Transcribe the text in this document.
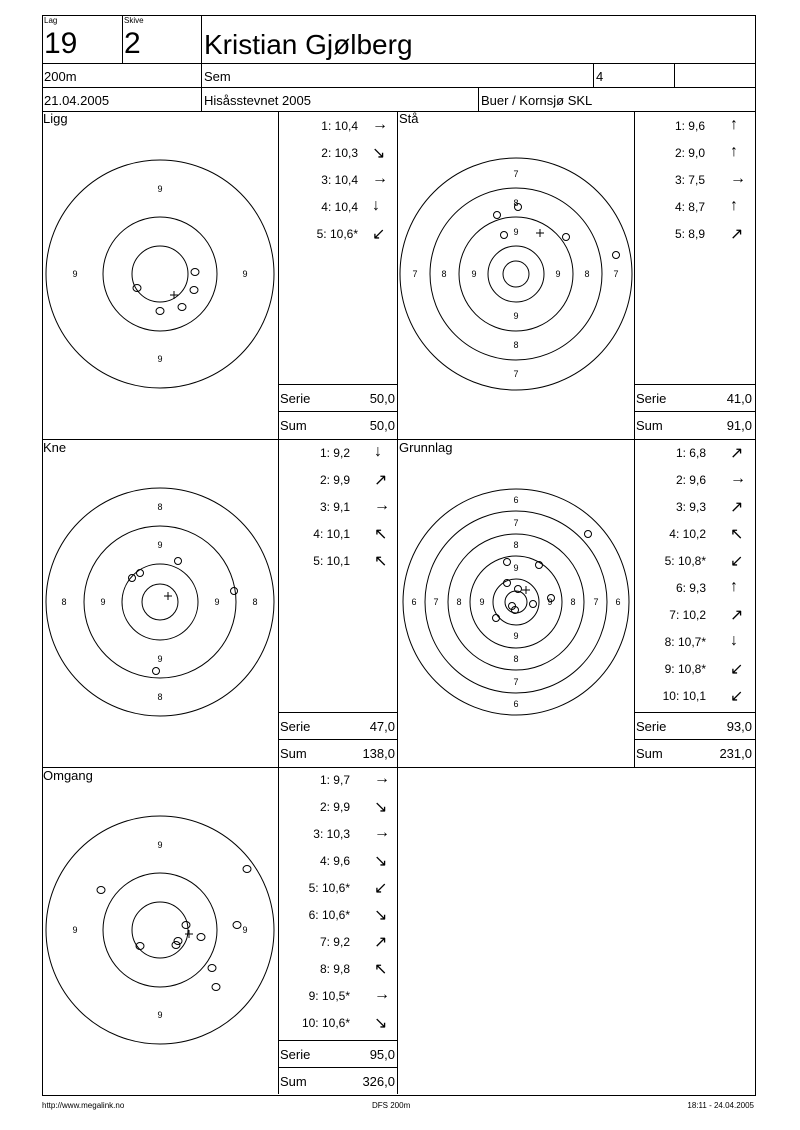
Lag
19
Skive
2 Kristian Gjølberg
200m	Sem	4
21.04.2005	Hisåsstevnet 2005	Buer / Kornsjø SKL
Ligg	Stå
Kne	Grunnlag
Omgang
1: 10,4 →
2: 10,3 ↘
3: 10,4 →
4: 10,4 ↓
5: 10,6* ↙
1: 9,6 ↑
2: 9,0 ↑
3: 7,5 →
4: 8,7 ↑
5: 8,9 ↗
1: 9,2 ↓
2: 9,9 ↗
3: 9,1 →
4: 10,1 ↖
5: 10,1 ↖
1: 6,8 ↗
2: 9,6 →
3: 9,3 ↗
4: 10,2 ↖
5: 10,8* ↙
6: 9,3 ↑
7: 10,2 ↗
8: 10,7* ↓
9: 10,8* ↙
10: 10,1 ↙
1: 9,7 →
2: 9,9 ↘
3: 10,3 →
4: 9,6 ↘
5: 10,6* ↙
6: 10,6* ↘
7: 9,2 ↗
8: 9,8 ↖
9: 10,5* →
10: 10,6* ↘
Serie	50,0
Sum	50,0
Serie	41,0
Sum	91,0
Serie	47,0
Sum	138,0
Serie	93,0
Sum	231,0
Serie	95,0
Sum	326,0
9
9	9
9
7
8
9
7	8	9	9	8	7
7
8
9
8
9
8	9	9	8
9
8
6
7
8
9
6 7 8 9	9 8 7 6
9
8
7
6
9
9	9
9
http://www.megalink.no	DFS 200m	18:11 - 24.04.2005
